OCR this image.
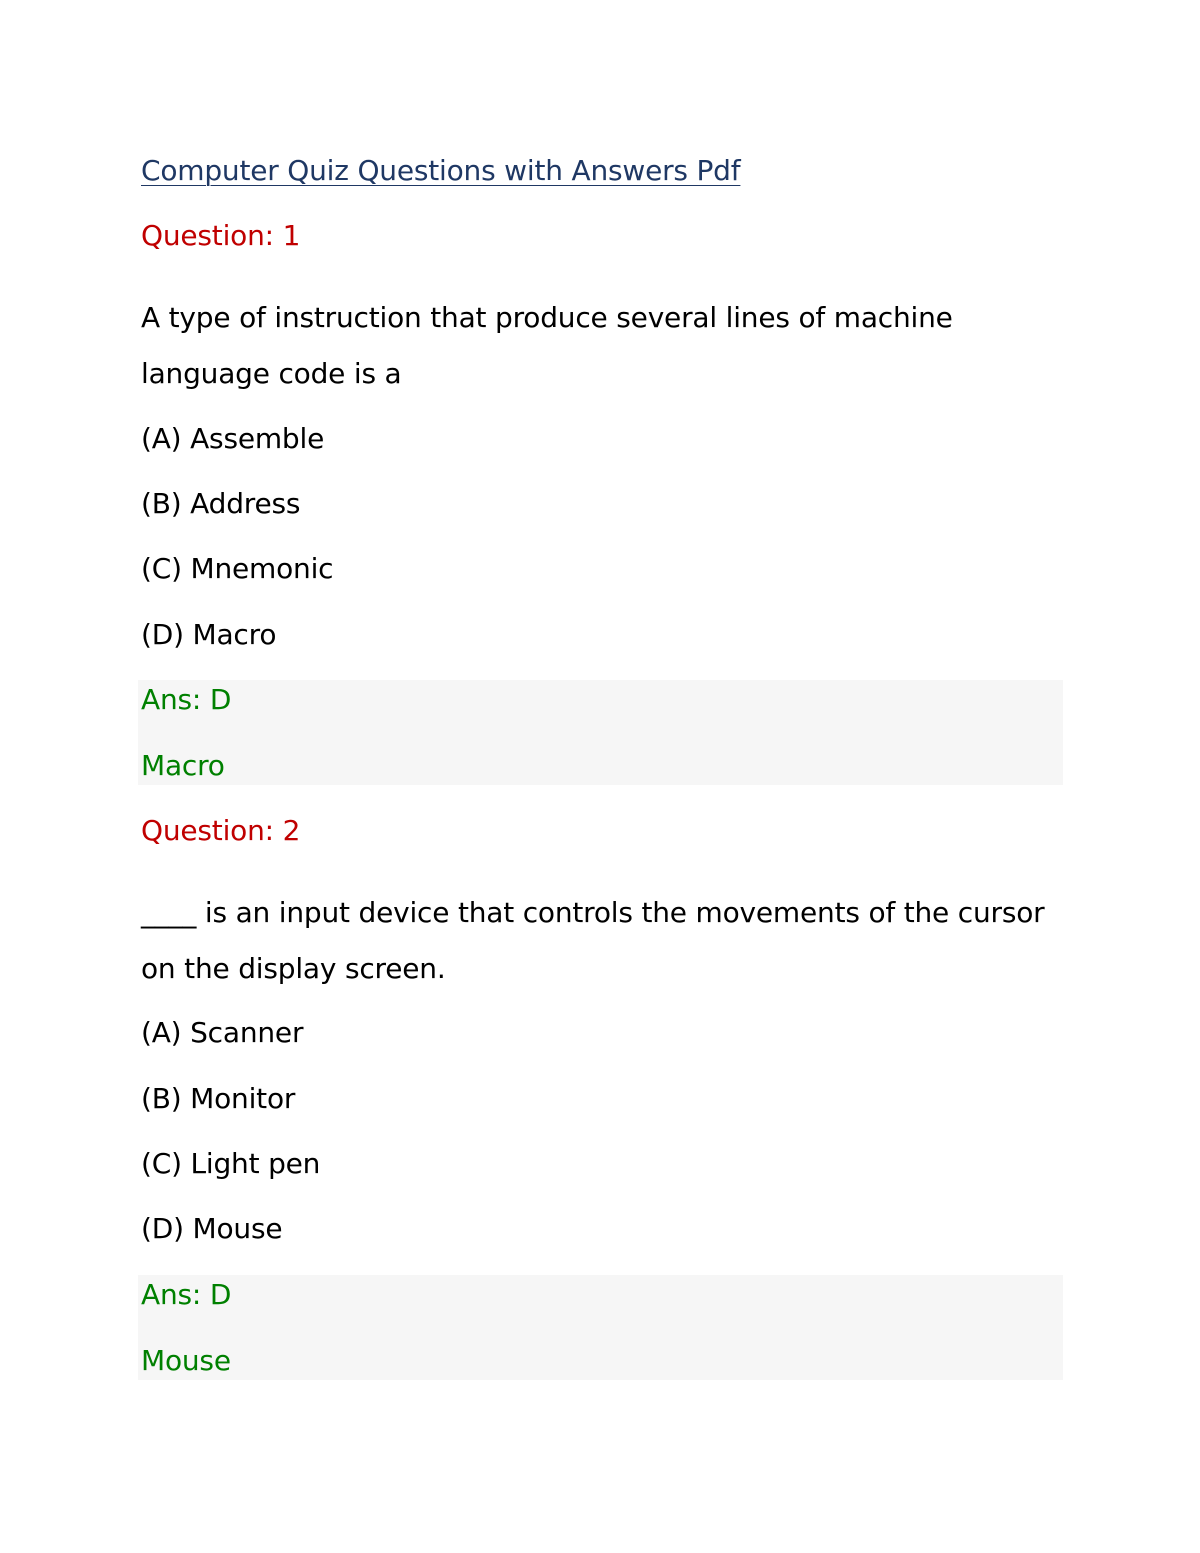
Computer Quiz Questions with Answers Pdf
Question: 1
A type of instruction that produce several lines of machine
language code is a
(A) Assemble
(B) Address
(C) Mnemonic
(D) Macro
Ans: D
Macro
Question: 2
____ is an input device that controls the movements of the cursor
on the display screen.
(A) Scanner
(B) Monitor
(C) Light pen
(D) Mouse
Ans: D
Mouse
